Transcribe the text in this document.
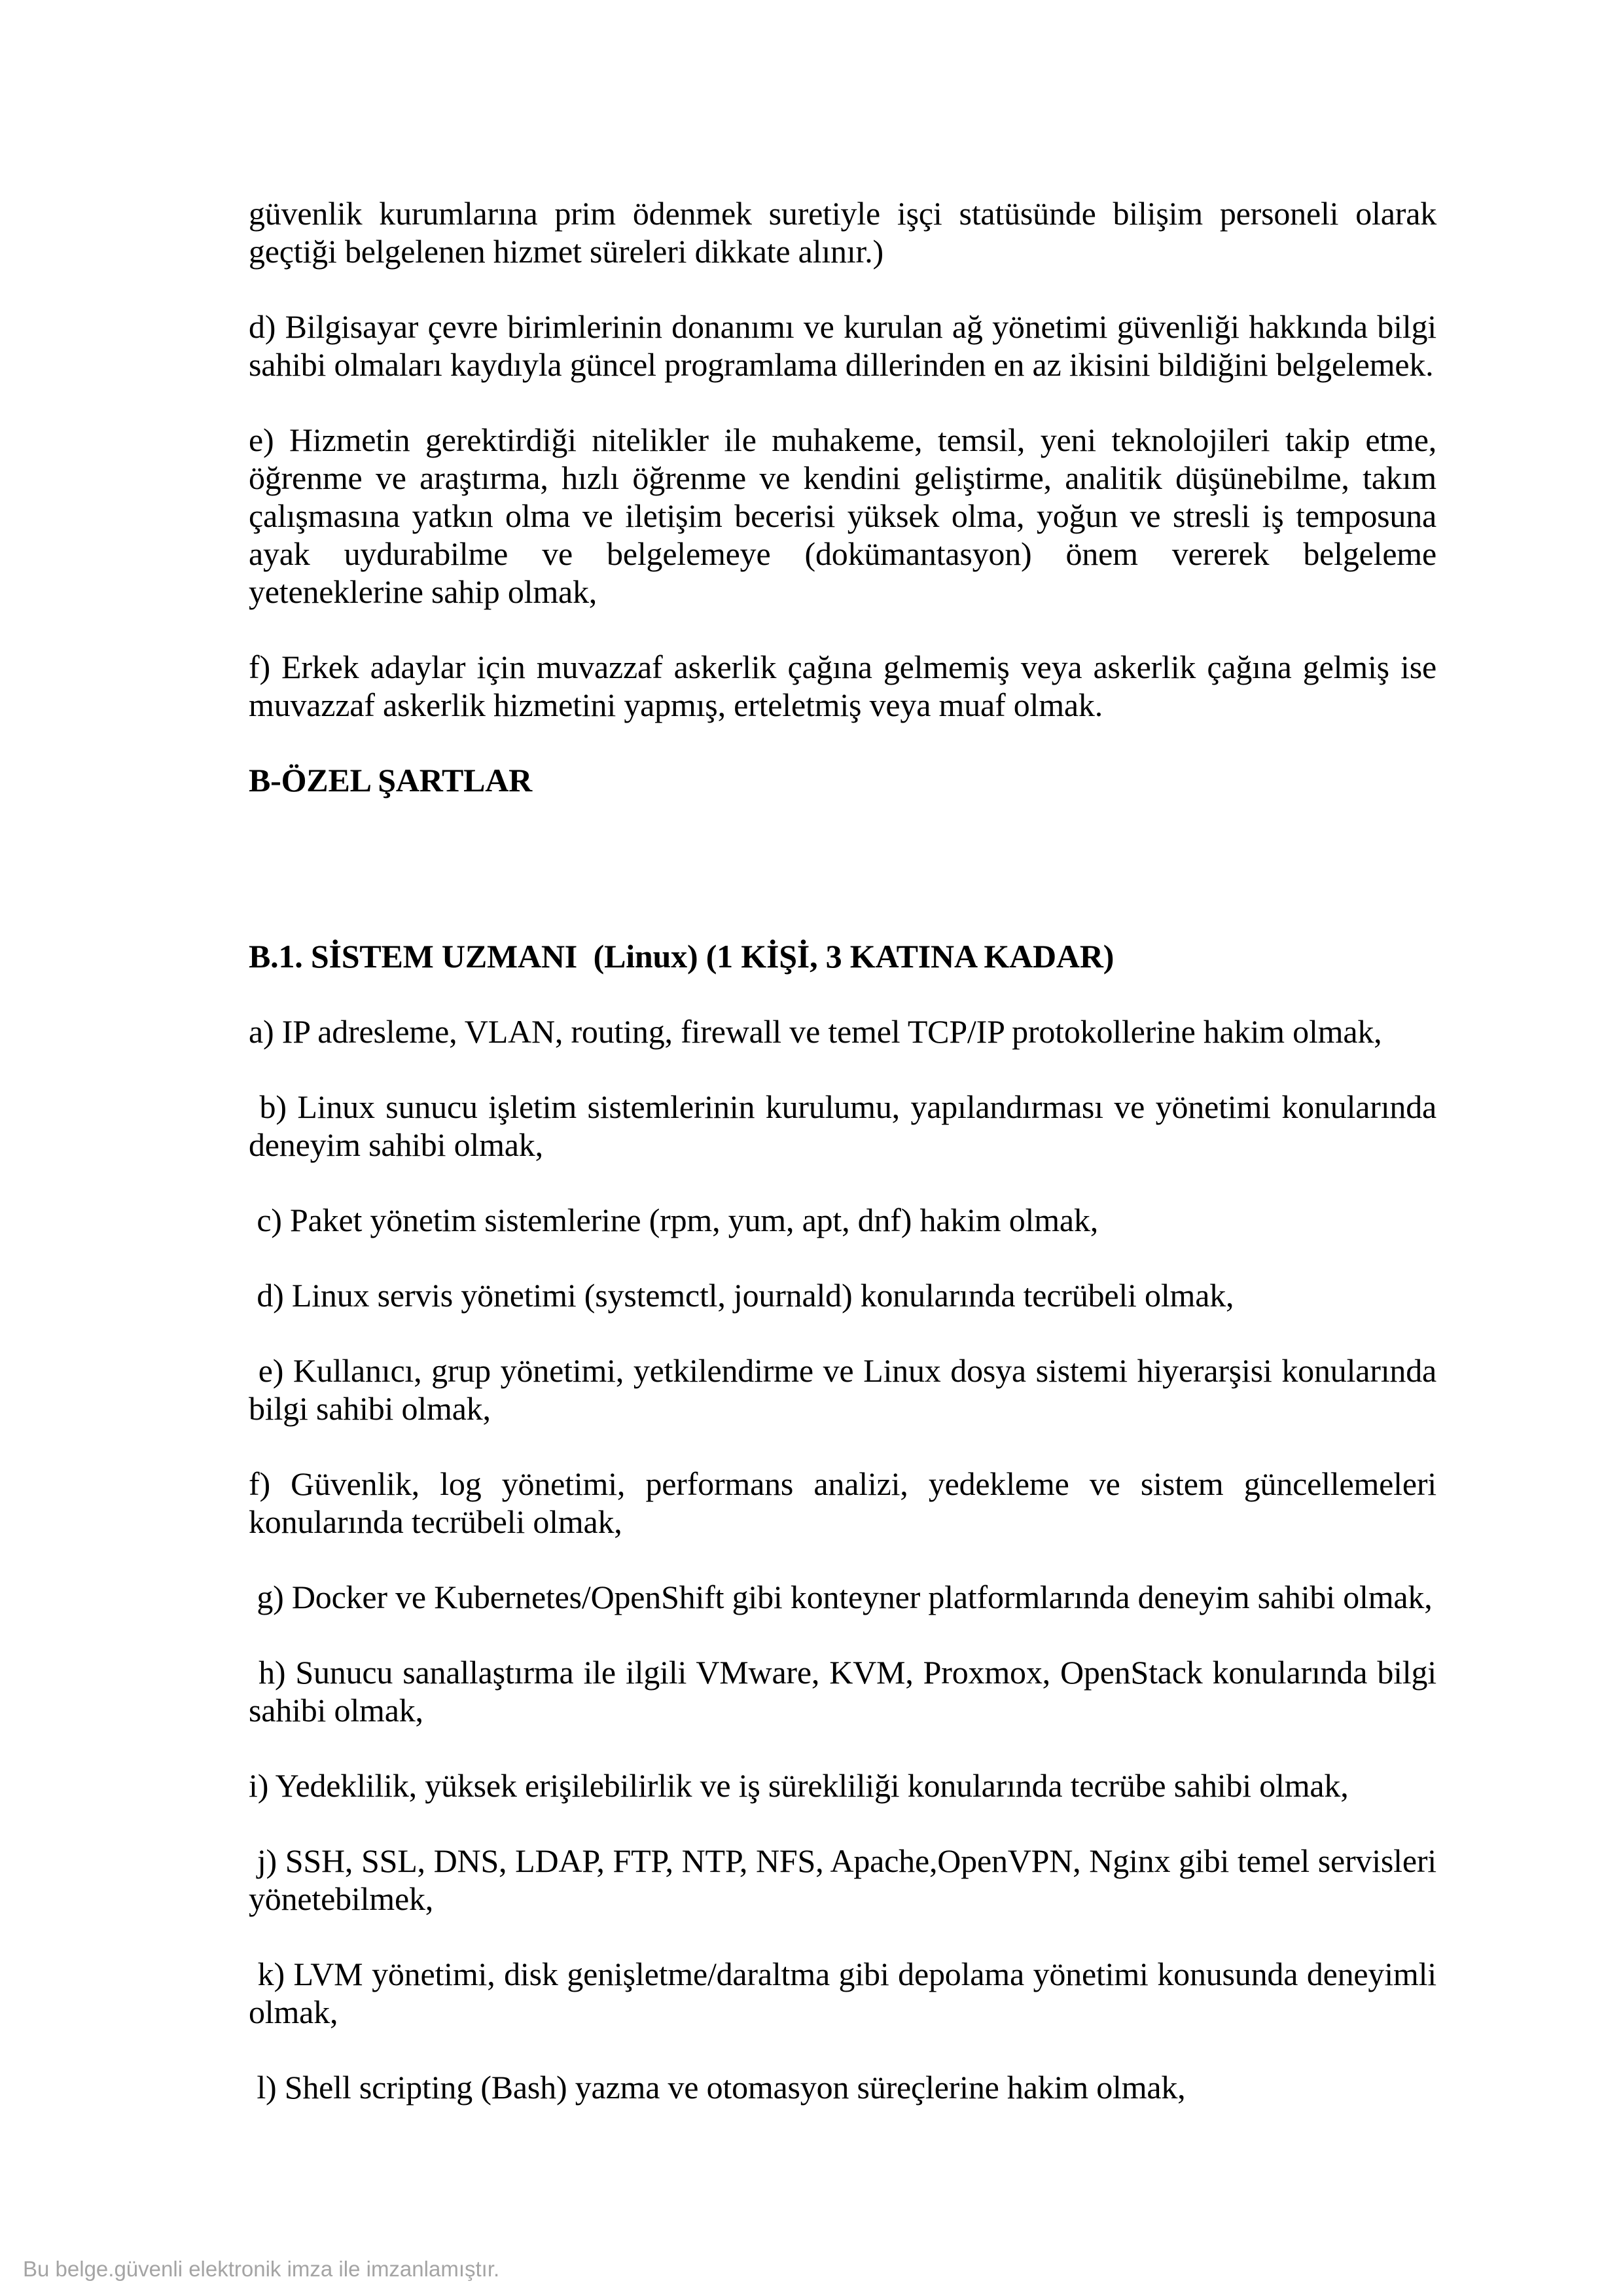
güvenlik kurumlarına prim ödenmek suretiyle işçi statüsünde bilişim personeli olarak geçtiği belgelenen hizmet süreleri dikkate alınır.)

d) Bilgisayar çevre birimlerinin donanımı ve kurulan ağ yönetimi güvenliği hakkında bilgi sahibi olmaları kaydıyla güncel programlama dillerinden en az ikisini bildiğini belgelemek.

e) Hizmetin gerektirdiği nitelikler ile muhakeme, temsil, yeni teknolojileri takip etme, öğrenme ve araştırma, hızlı öğrenme ve kendini geliştirme, analitik düşünebilme, takım çalışmasına yatkın olma ve iletişim becerisi yüksek olma, yoğun ve stresli iş temposuna ayak uydurabilme ve belgelemeye (dokümantasyon) önem vererek belgeleme yeteneklerine sahip olmak,

f) Erkek adaylar için muvazzaf askerlik çağına gelmemiş veya askerlik çağına gelmiş ise muvazzaf askerlik hizmetini yapmış, erteletmiş veya muaf olmak.

B-ÖZEL ŞARTLAR
B.1. SİSTEM UZMANI  (Linux) (1 KİŞİ, 3 KATINA KADAR)

a) IP adresleme, VLAN, routing, firewall ve temel TCP/IP protokollerine hakim olmak,

b) Linux sunucu işletim sistemlerinin kurulumu, yapılandırması ve yönetimi konularında deneyim sahibi olmak,

c) Paket yönetim sistemlerine (rpm, yum, apt, dnf) hakim olmak,

d) Linux servis yönetimi (systemctl, journald) konularında tecrübeli olmak,

e) Kullanıcı, grup yönetimi, yetkilendirme ve Linux dosya sistemi hiyerarşisi konularında bilgi sahibi olmak,

f) Güvenlik, log yönetimi, performans analizi, yedekleme ve sistem güncellemeleri konularında tecrübeli olmak,

g) Docker ve Kubernetes/OpenShift gibi konteyner platformlarında deneyim sahibi olmak,

h) Sunucu sanallaştırma ile ilgili VMware, KVM, Proxmox, OpenStack konularında bilgi sahibi olmak,

i) Yedeklilik, yüksek erişilebilirlik ve iş sürekliliği konularında tecrübe sahibi olmak,

j) SSH, SSL, DNS, LDAP, FTP, NTP, NFS, Apache,OpenVPN, Nginx gibi temel servisleri yönetebilmek,

k) LVM yönetimi, disk genişletme/daraltma gibi depolama yönetimi konusunda deneyimli olmak,

l) Shell scripting (Bash) yazma ve otomasyon süreçlerine hakim olmak,

Bu belge.güvenli elektronik imza ile imzanlamıştır.
